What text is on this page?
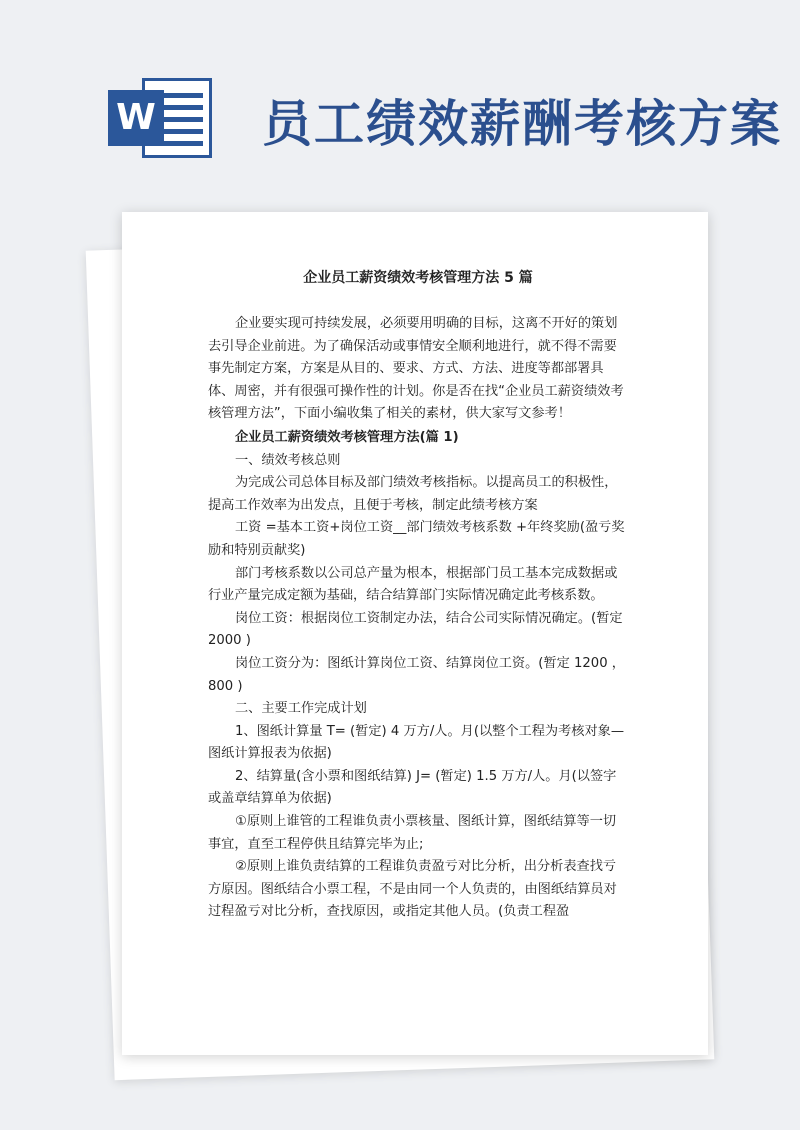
W 员工绩效薪酬考核方案
企业员工薪资绩效考核管理方法 5 篇

企业要实现可持续发展，必须要用明确的目标，这离不开好的策划去引导企业前进。为了确保活动或事情安全顺利地进行，就不得不需要事先制定方案，方案是从目的、要求、方式、方法、进度等都部署具体、周密，并有很强可操作性的计划。你是否在找“企业员工薪资绩效考核管理方法”，下面小编收集了相关的素材，供大家写文参考！

企业员工薪资绩效考核管理方法(篇 1)

一、绩效考核总则

为完成公司总体目标及部门绩效考核指标。以提高员工的积极性，提高工作效率为出发点，且便于考核，制定此绩考核方案

工资 =基本工资+岗位工资__部门绩效考核系数 +年终奖励(盈亏奖励和特别贡献奖)

部门考核系数以公司总产量为根本，根据部门员工基本完成数据或行业产量完成定额为基础，结合结算部门实际情况确定此考核系数。

岗位工资：根据岗位工资制定办法，结合公司实际情况确定。(暂定 2000 )

岗位工资分为：图纸计算岗位工资、结算岗位工资。(暂定 1200 ，800 )

二、主要工作完成计划

1、图纸计算量 T= (暂定) 4 万方/人。月(以整个工程为考核对象—图纸计算报表为依据)

2、结算量(含小票和图纸结算) J= (暂定) 1.5 万方/人。月(以签字或盖章结算单为依据)

①原则上谁管的工程谁负责小票核量、图纸计算，图纸结算等一切事宜，直至工程停供且结算完毕为止;

②原则上谁负责结算的工程谁负责盈亏对比分析，出分析表查找亏方原因。图纸结合小票工程，不是由同一个人负责的，由图纸结算员对过程盈亏对比分析，查找原因，或指定其他人员。(负责工程盈
